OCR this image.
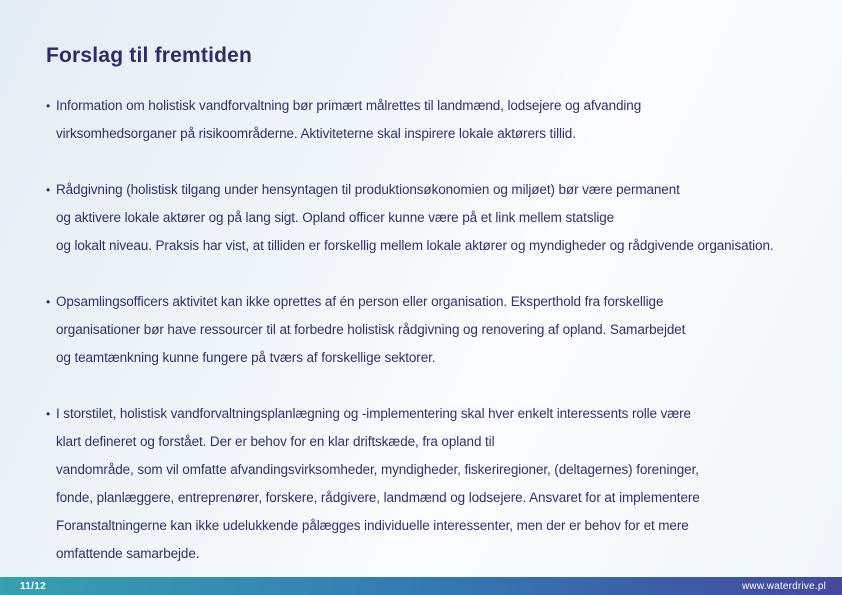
Forslag til fremtiden
• Information om holistisk vandforvaltning bør primært målrettes til landmænd, lodsejere og afvanding
virksomhedsorganer på risikoområderne. Aktiviteterne skal inspirere lokale aktørers tillid.
• Rådgivning (holistisk tilgang under hensyntagen til produktionsøkonomien og miljøet) bør være permanent
og aktivere lokale aktører og på lang sigt. Opland officer kunne være på et link mellem statslige
og lokalt niveau. Praksis har vist, at tilliden er forskellig mellem lokale aktører og myndigheder og rådgivende organisation.
• Opsamlingsofficers aktivitet kan ikke oprettes af én person eller organisation. Eksperthold fra forskellige
organisationer bør have ressourcer til at forbedre holistisk rådgivning og renovering af opland. Samarbejdet
og teamtænkning kunne fungere på tværs af forskellige sektorer.
• I storstilet, holistisk vandforvaltningsplanlægning og -implementering skal hver enkelt interessents rolle være
klart defineret og forstået. Der er behov for en klar driftskæde, fra opland til
vandområde, som vil omfatte afvandingsvirksomheder, myndigheder, fiskeriregioner, (deltagernes) foreninger,
fonde, planlæggere, entreprenører, forskere, rådgivere, landmænd og lodsejere. Ansvaret for at implementere
Foranstaltningerne kan ikke udelukkende pålægges individuelle interessenter, men der er behov for et mere
omfattende samarbejde.
11/12	www.waterdrive.pl
